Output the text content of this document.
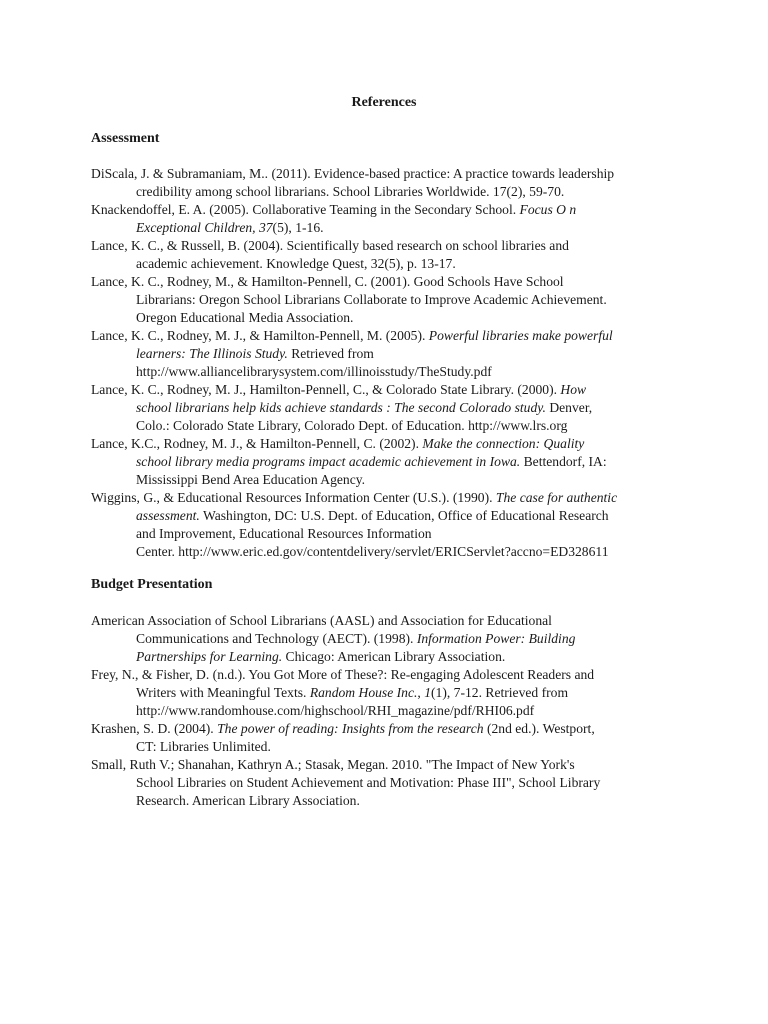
References
Assessment

DiScala, J. & Subramaniam, M.. (2011). Evidence-based practice: A practice towards leadership
credibility among school librarians. School Libraries Worldwide. 17(2), 59-70.

Knackendoffel, E. A. (2005). Collaborative Teaming in the Secondary School. Focus O n
Exceptional Children, 37(5), 1-16.

Lance, K. C., & Russell, B. (2004). Scientifically based research on school libraries and
academic achievement. Knowledge Quest, 32(5), p. 13-17.

Lance, K. C., Rodney, M., & Hamilton-Pennell, C. (2001). Good Schools Have School
Librarians: Oregon School Librarians Collaborate to Improve Academic Achievement.
Oregon Educational Media Association.

Lance, K. C., Rodney, M. J., & Hamilton-Pennell, M. (2005). Powerful libraries make powerful
learners: The Illinois Study. Retrieved from
http://www.alliancelibrarysystem.com/illinoisstudy/TheStudy.pdf

Lance, K. C., Rodney, M. J., Hamilton-Pennell, C., & Colorado State Library. (2000). How
school librarians help kids achieve standards : The second Colorado study. Denver,
Colo.: Colorado State Library, Colorado Dept. of Education. http://www.lrs.org

Lance, K.C., Rodney, M. J., & Hamilton-Pennell, C. (2002). Make the connection: Quality
school library media programs impact academic achievement in Iowa. Bettendorf, IA:
Mississippi Bend Area Education Agency.

Wiggins, G., & Educational Resources Information Center (U.S.). (1990). The case for authentic
assessment. Washington, DC: U.S. Dept. of Education, Office of Educational Research
and Improvement, Educational Resources Information
Center. http://www.eric.ed.gov/contentdelivery/servlet/ERICServlet?accno=ED328611

Budget Presentation

American Association of School Librarians (AASL) and Association for Educational
Communications and Technology (AECT). (1998). Information Power: Building
Partnerships for Learning. Chicago: American Library Association.

Frey, N., & Fisher, D. (n.d.). You Got More of These?: Re-engaging Adolescent Readers and
Writers with Meaningful Texts. Random House Inc., 1(1), 7-12. Retrieved from
http://www.randomhouse.com/highschool/RHI_magazine/pdf/RHI06.pdf

Krashen, S. D. (2004). The power of reading: Insights from the research (2nd ed.). Westport,
CT: Libraries Unlimited.

Small, Ruth V.; Shanahan, Kathryn A.; Stasak, Megan. 2010. "The Impact of New York's
School Libraries on Student Achievement and Motivation: Phase III", School Library
Research. American Library Association.
